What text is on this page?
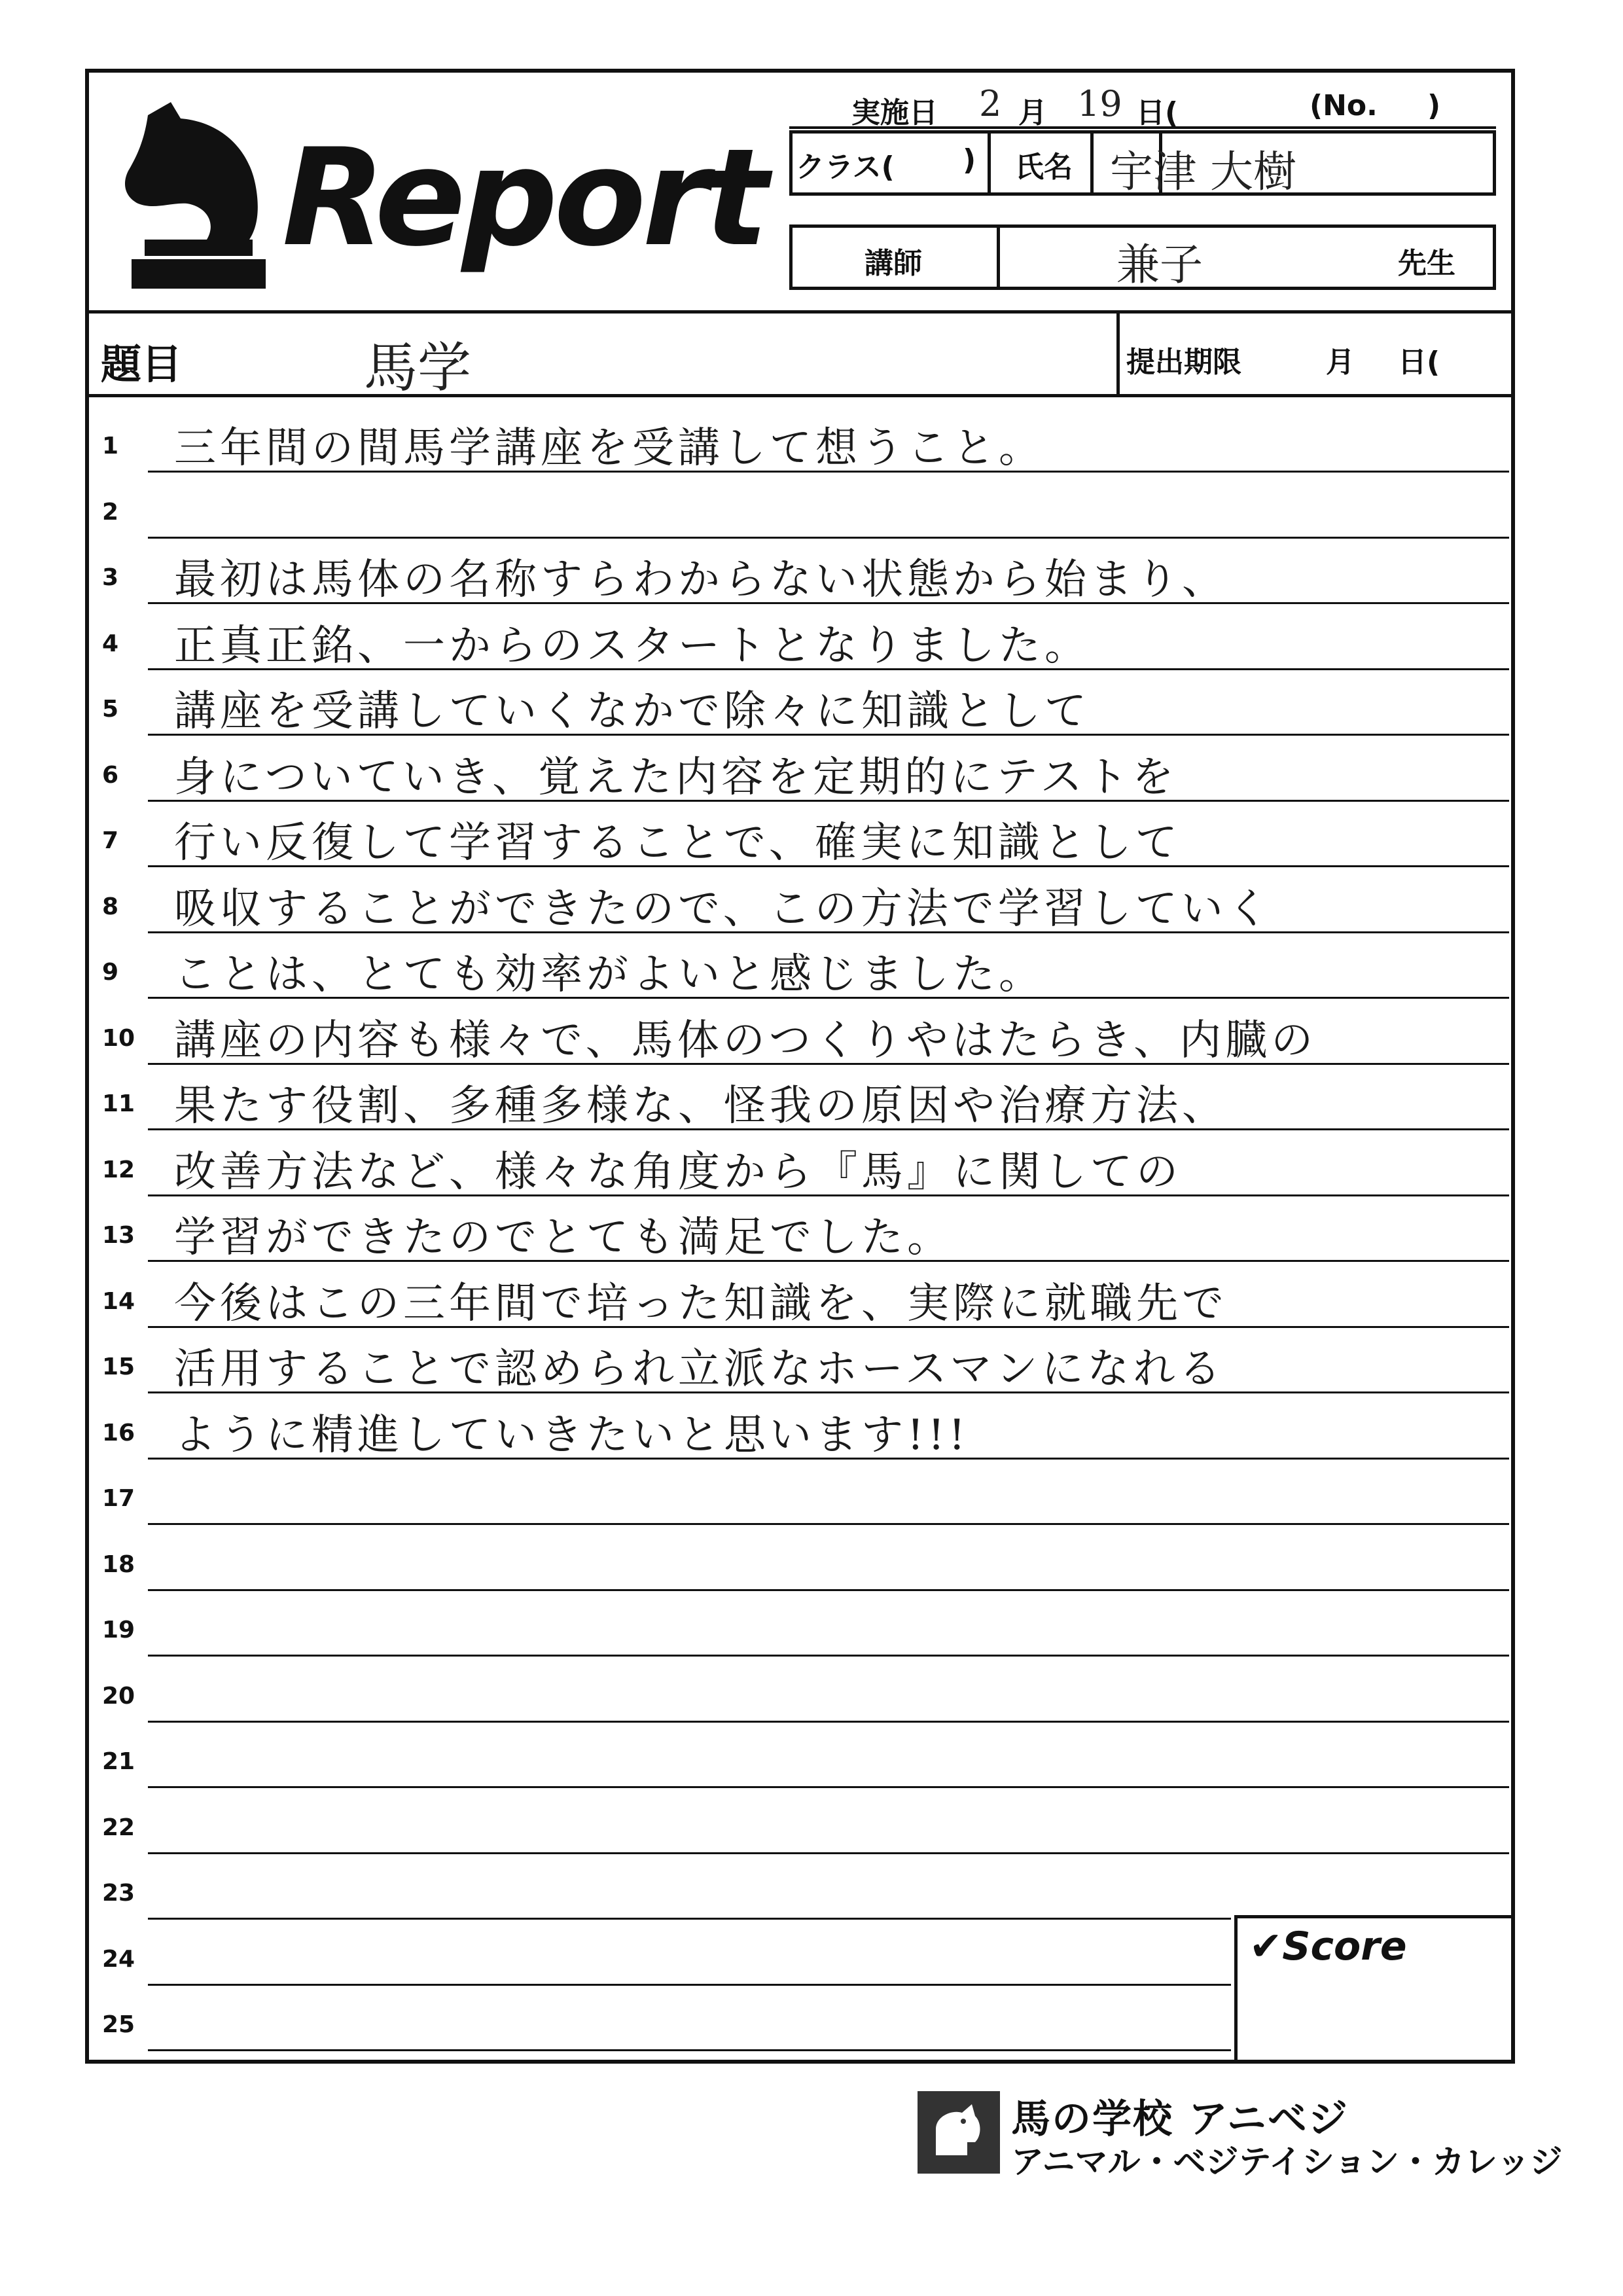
Report
実施日 2 月 19 日(	(No. )
クラス( ) 氏名 宇津 大樹
講師	兼子	先生
題目	馬学	提出期限	月 日(
1	三年間の間馬学講座を受講して想うこと。
2
3	最初は馬体の名称すらわからない状態から始まり、
4	正真正銘、一からのスタートとなりました。
5	講座を受講していくなかで除々に知識として
6	身についていき、覚えた内容を定期的にテストを
7	行い反復して学習することで、確実に知識として
8	吸収することができたので、この方法で学習していく
9	ことは、とても効率がよいと感じました。
10 講座の内容も様々で、馬体のつくりやはたらき、内臓の
11 果たす役割、多種多様な、怪我の原因や治療方法、
12 改善方法など、様々な角度から『馬』に関しての
13 学習ができたのでとても満足でした。
14 今後はこの三年間で培った知識を、実際に就職先で
15 活用することで認められ立派なホースマンになれる
16 ように精進していきたいと思います!!!
17
18
19
20
21
22
23
24
25
✔Score
馬の学校 アニベジ
アニマル・ベジテイション・カレッジ
